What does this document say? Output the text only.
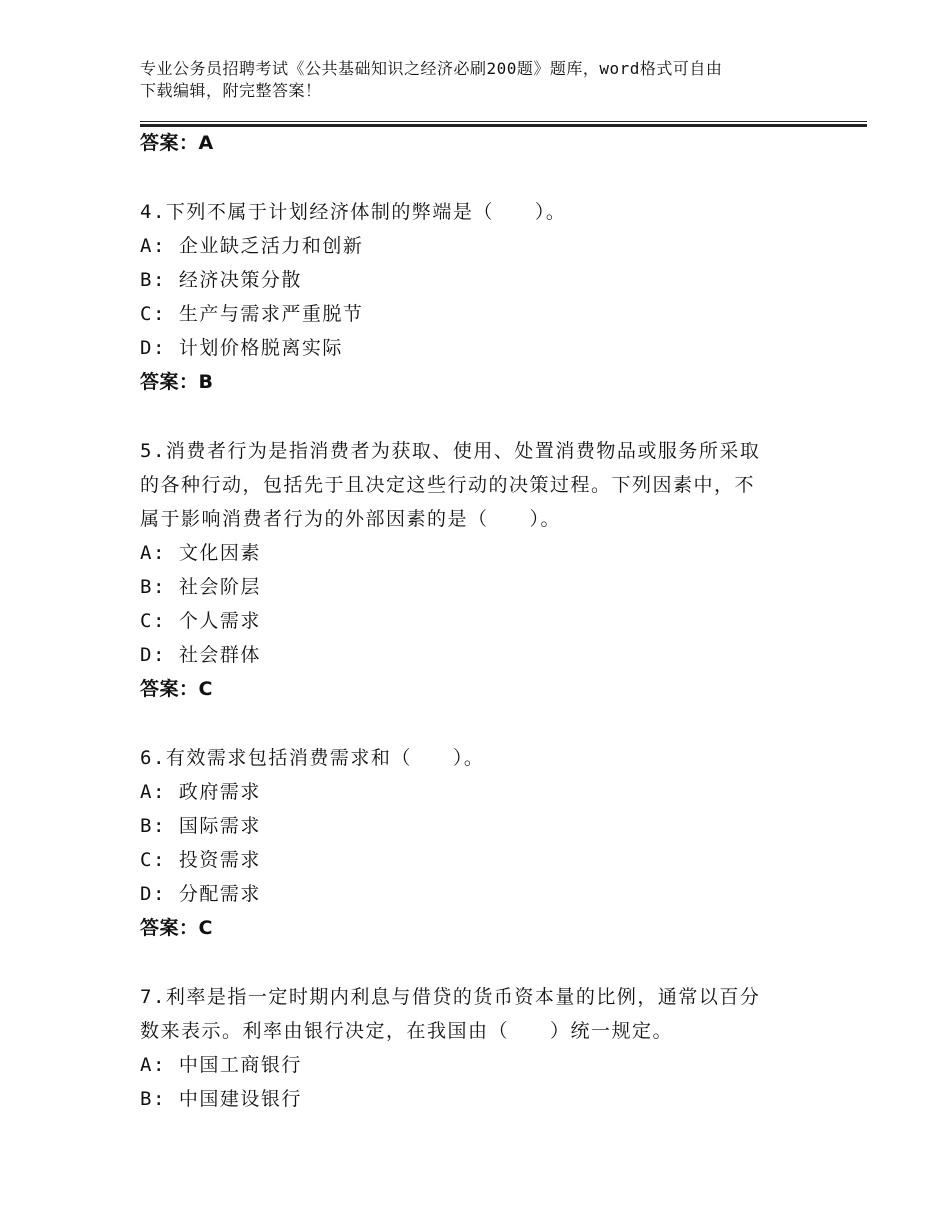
专业公务员招聘考试《公共基础知识之经济必刷200题》题库，word格式可自由
下载编辑，附完整答案！
答案：A
4.下列不属于计划经济体制的弊端是（　　）。
A: 企业缺乏活力和创新
B: 经济决策分散
C: 生产与需求严重脱节
D: 计划价格脱离实际
答案：B
5.消费者行为是指消费者为获取、使用、处置消费物品或服务所采取
的各种行动，包括先于且决定这些行动的决策过程。下列因素中，不
属于影响消费者行为的外部因素的是（　　）。
A: 文化因素
B: 社会阶层
C: 个人需求
D: 社会群体
答案：C
6.有效需求包括消费需求和（　　）。
A: 政府需求
B: 国际需求
C: 投资需求
D: 分配需求
答案：C
7.利率是指一定时期内利息与借贷的货币资本量的比例，通常以百分
数来表示。利率由银行决定，在我国由（　　）统一规定。
A: 中国工商银行
B: 中国建设银行
